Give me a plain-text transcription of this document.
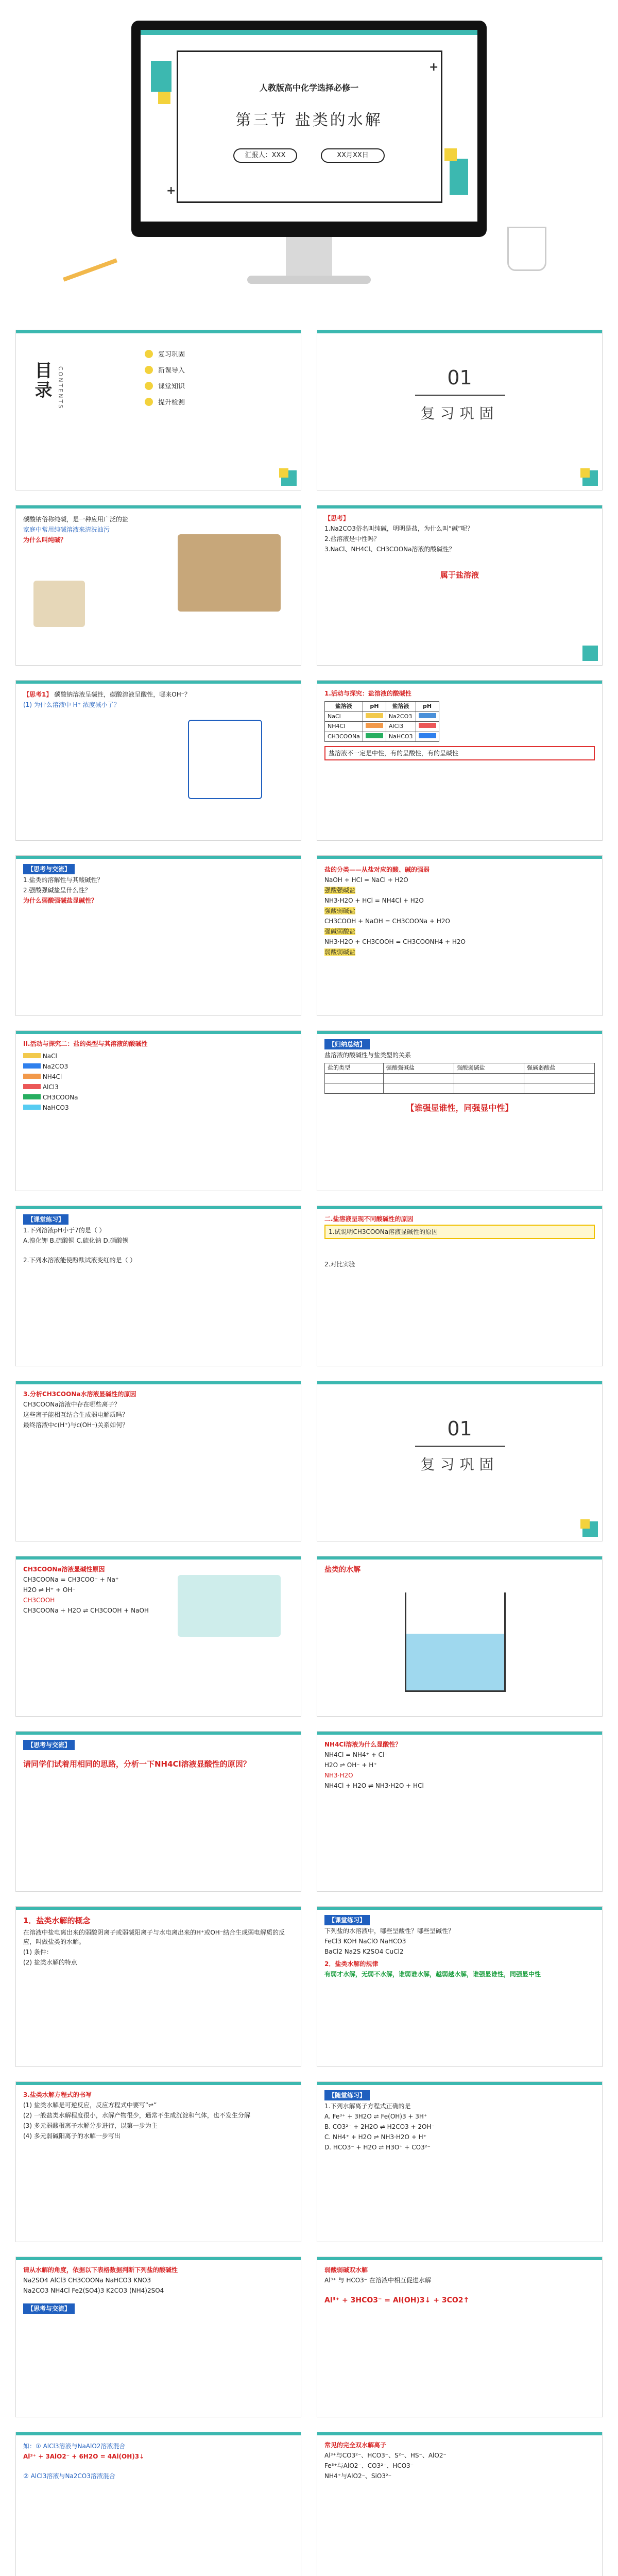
+
+
人教版高中化学选择必修一
第三节 盐类的水解
汇报人：XXX	XX月XX日
目录 CONTENTS
复习巩固
新课导入
课堂知识
提升检测
01
复习巩固
碳酸钠俗称纯碱，是一种应用广泛的盐
家庭中常用纯碱溶液来清洗油污
为什么叫纯碱？
【思考】
1.Na2CO3俗名叫纯碱，明明是盐，为什么叫“碱”呢？
2.盐溶液是中性吗？
3.NaCl、NH4Cl、CH3COONa溶液的酸碱性？
属于盐溶液
【思考1】 碳酸钠溶液呈碱性，碳酸溶液呈酸性，哪来OH⁻？
(1) 为什么溶液中 H⁺ 浓度减小了？
1.活动与探究：盐溶液的酸碱性
盐溶液	pH	盐溶液	pH
NaCl		Na2CO3	
NH4Cl		AlCl3	
CH3COONa		NaHCO3	
盐溶液不一定是中性，有的呈酸性，有的呈碱性
【思考与交流】
1.盐类的溶解性与其酸碱性？
2.强酸强碱盐呈什么性？
为什么弱酸强碱盐显碱性？
盐的分类——从盐对应的酸、碱的强弱
NaOH + HCl = NaCl + H2O
强酸强碱盐
NH3·H2O + HCl = NH4Cl + H2O
强酸弱碱盐
CH3COOH + NaOH = CH3COONa + H2O
强碱弱酸盐
NH3·H2O + CH3COOH = CH3COONH4 + H2O
弱酸弱碱盐
II.活动与探究二：盐的类型与其溶液的酸碱性
NaCl
Na2CO3
NH4Cl
AlCl3
CH3COONa
NaHCO3
【归纳总结】
盐溶液的酸碱性与盐类型的关系
盐的类型	强酸强碱盐	强酸弱碱盐	强碱弱酸盐

【谁强显谁性，同强显中性】
【课堂练习】
1.下列溶液pH小于7的是（ ）
A.溴化钾 B.硫酸铜 C.硫化钠 D.硝酸钡
2.下列水溶液能使酚酞试液变红的是（ ）
二.盐溶液呈现不同酸碱性的原因
1.试说明CH3COONa溶液显碱性的原因
2.对比实验
3.分析CH3COONa水溶液显碱性的原因
CH3COONa溶液中存在哪些离子？
这些离子能相互结合生成弱电解质吗？
最终溶液中c(H⁺)与c(OH⁻)关系如何？	01
复习巩固
CH3COONa溶液显碱性原因
CH3COONa = CH3COO⁻ + Na⁺
H2O ⇌ H⁺ + OH⁻
CH3COOH
CH3COONa + H2O ⇌ CH3COOH + NaOH
盐类的水解
【思考与交流】
请同学们试着用相同的思路，分析一下NH4Cl溶液显酸性的原因？
NH4Cl溶液为什么显酸性？
NH4Cl = NH4⁺ + Cl⁻
H2O ⇌ OH⁻ + H⁺
NH3·H2O
NH4Cl + H2O ⇌ NH3·H2O + HCl
1．盐类水解的概念
在溶液中盐电离出来的弱酸阴离子或弱碱阳离子与水电离出来的H⁺或OH⁻结合生成弱电解质的反应，叫做盐类的水解。
(1) 条件：
(2) 盐类水解的特点
【课堂练习】
下列盐的水溶液中，哪些呈酸性？哪些呈碱性？
FeCl3 KOH NaClO NaHCO3
BaCl2 Na2S K2SO4 CuCl2
2．盐类水解的规律
有弱才水解，无弱不水解，谁弱谁水解，越弱越水解，谁强显谁性，同强显中性
3.盐类水解方程式的书写
(1) 盐类水解是可逆反应，反应方程式中要写“⇌”
(2) 一般盐类水解程度很小，水解产物很少，通常不生成沉淀和气体，也不发生分解
(3) 多元弱酸根离子水解分步进行，以第一步为主
(4) 多元弱碱阳离子的水解一步写出
【随堂练习】
1.下列水解离子方程式正确的是
A. Fe³⁺ + 3H2O ⇌ Fe(OH)3 + 3H⁺
B. CO3²⁻ + 2H2O ⇌ H2CO3 + 2OH⁻
C. NH4⁺ + H2O ⇌ NH3·H2O + H⁺
D. HCO3⁻ + H2O ⇌ H3O⁺ + CO3²⁻
请从水解的角度，依据以下表格数据判断下列盐的酸碱性
Na2SO4 AlCl3 CH3COONa NaHCO3 KNO3
Na2CO3 NH4Cl Fe2(SO4)3 K2CO3 (NH4)2SO4
【思考与交流】
弱酸弱碱双水解
Al³⁺ 与 HCO3⁻ 在溶液中相互促进水解
Al³⁺ + 3HCO3⁻ = Al(OH)3↓ + 3CO2↑
如：① AlCl3溶液与NaAlO2溶液混合
Al³⁺ + 3AlO2⁻ + 6H2O = 4Al(OH)3↓
② AlCl3溶液与Na2CO3溶液混合
常见的完全双水解离子
Al³⁺与CO3²⁻、HCO3⁻、S²⁻、HS⁻、AlO2⁻
Fe³⁺与AlO2⁻、CO3²⁻、HCO3⁻
NH4⁺与AlO2⁻、SiO3²⁻
